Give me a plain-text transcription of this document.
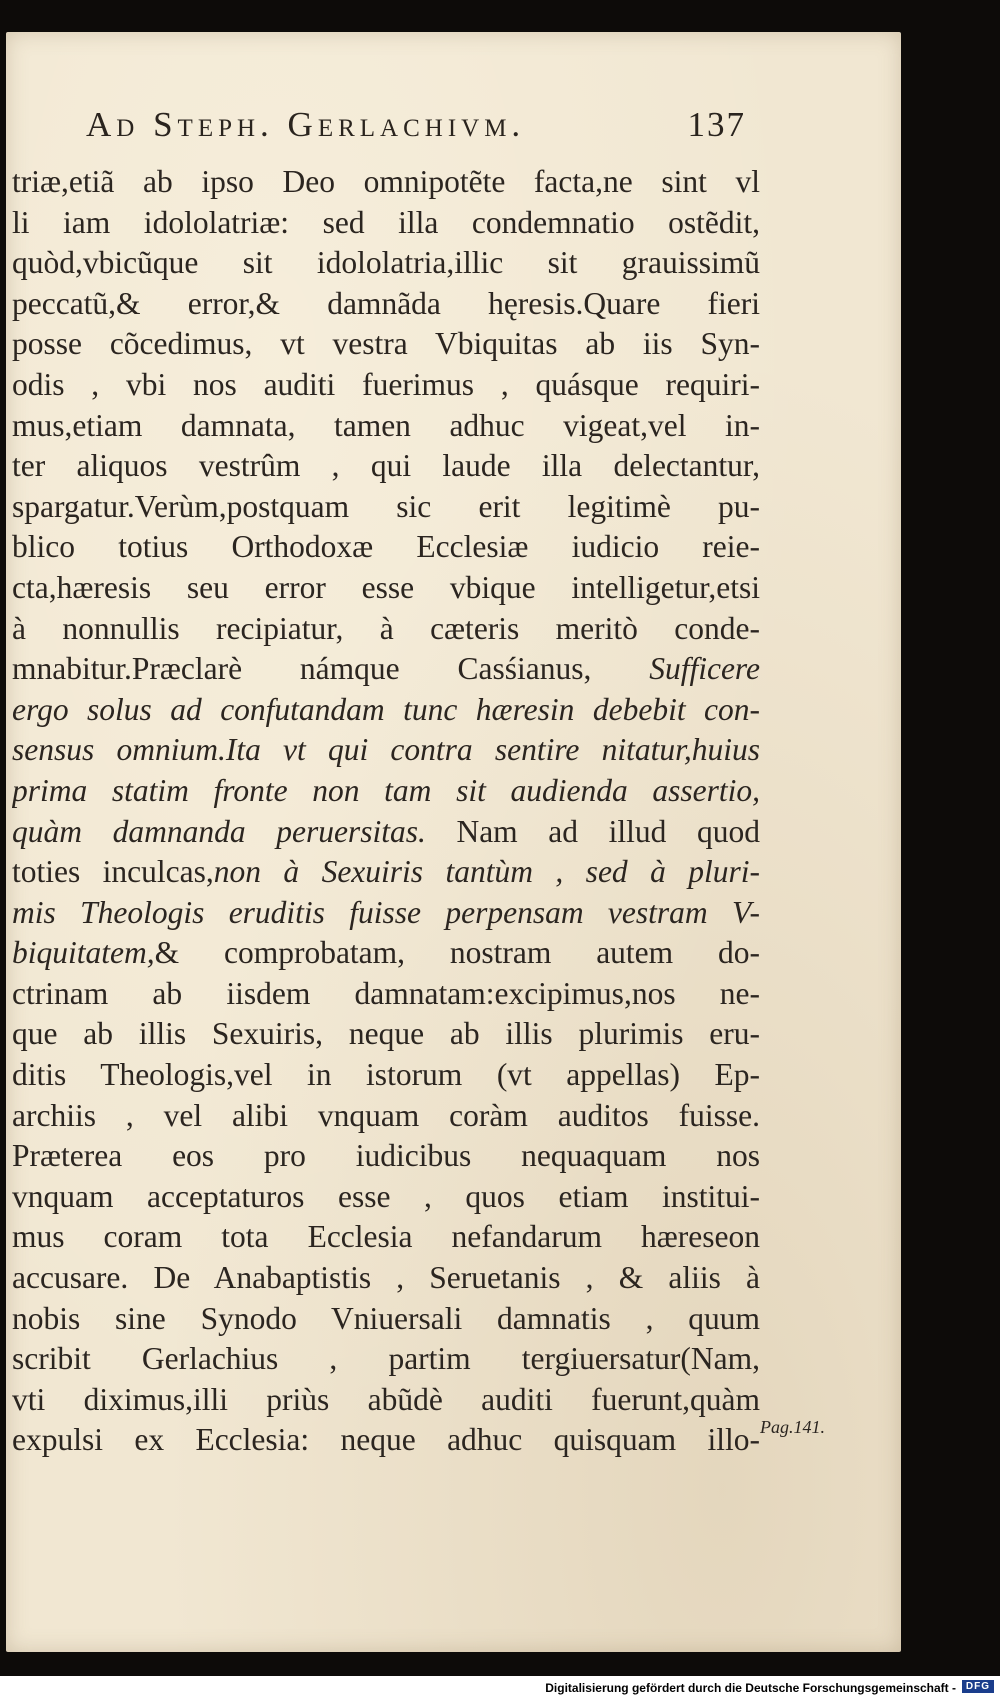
Ad Steph. Gerlachivm.	137
triæ,etiã ab ipso Deo omnipotẽte facta,ne sint vl
li iam idololatriæ: sed illa condemnatio ostẽdit,
quòd,vbicũque sit idololatria,illic sit grauissimũ
peccatũ,& error,& damnãda hęresis.Quare fieri
posse cõcedimus, vt vestra Vbiquitas ab iis Syn-
odis , vbi nos auditi fuerimus , quásque requiri-
mus,etiam damnata, tamen adhuc vigeat,vel in-
ter aliquos vestrûm , qui laude illa delectantur,
spargatur.Verùm,postquam sic erit legitimè pu-
blico totius Orthodoxæ Ecclesiæ iudicio reie-
cta,hæresis seu error esse vbique intelligetur,etsi
à nonnullis recipiatur, à cæteris meritò conde-
mnabitur.Præclarè námque Casśianus, Sufficere
ergo solus ad confutandam tunc hæresin debebit con-
sensus omnium.Ita vt qui contra sentire nitatur,huius
prima statim fronte non tam sit audienda assertio,
quàm damnanda peruersitas. Nam ad illud quod
toties inculcas,non à Sexuiris tantùm , sed à pluri-
mis Theologis eruditis fuisse perpensam vestram V-
biquitatem,& comprobatam, nostram autem do-
ctrinam ab iisdem damnatam:excipimus,nos ne-
que ab illis Sexuiris, neque ab illis plurimis eru-
ditis Theologis,vel in istorum (vt appellas) Ep-
archiis , vel alibi vnquam coràm auditos fuisse.
Præterea eos pro iudicibus nequaquam nos
vnquam acceptaturos esse , quos etiam institui-
mus coram tota Ecclesia nefandarum hæreseon
accusare. De Anabaptistis , Seruetanis , & aliis à
nobis sine Synodo Vniuersali damnatis , quum
scribit Gerlachius , partim tergiuersatur(Nam,
vti diximus,illi priùs abũdè auditi fuerunt,quàm
expulsi ex Ecclesia: neque adhuc quisquam illo- Pag.141.
Digitalisierung gefördert durch die Deutsche Forschungsgemeinschaft - DFG
